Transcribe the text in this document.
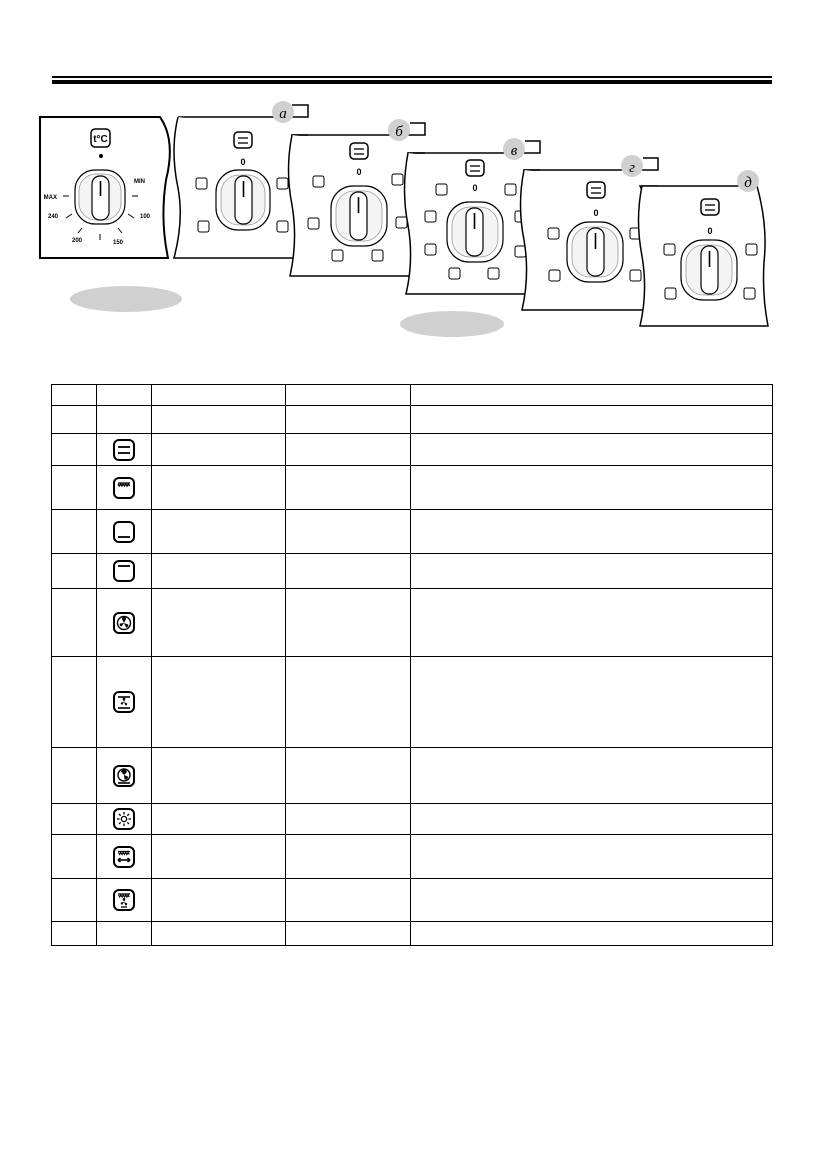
t°C
MAX
240
200	150
100
MIN
а
0
б
0
в
0
г
0
д
0
